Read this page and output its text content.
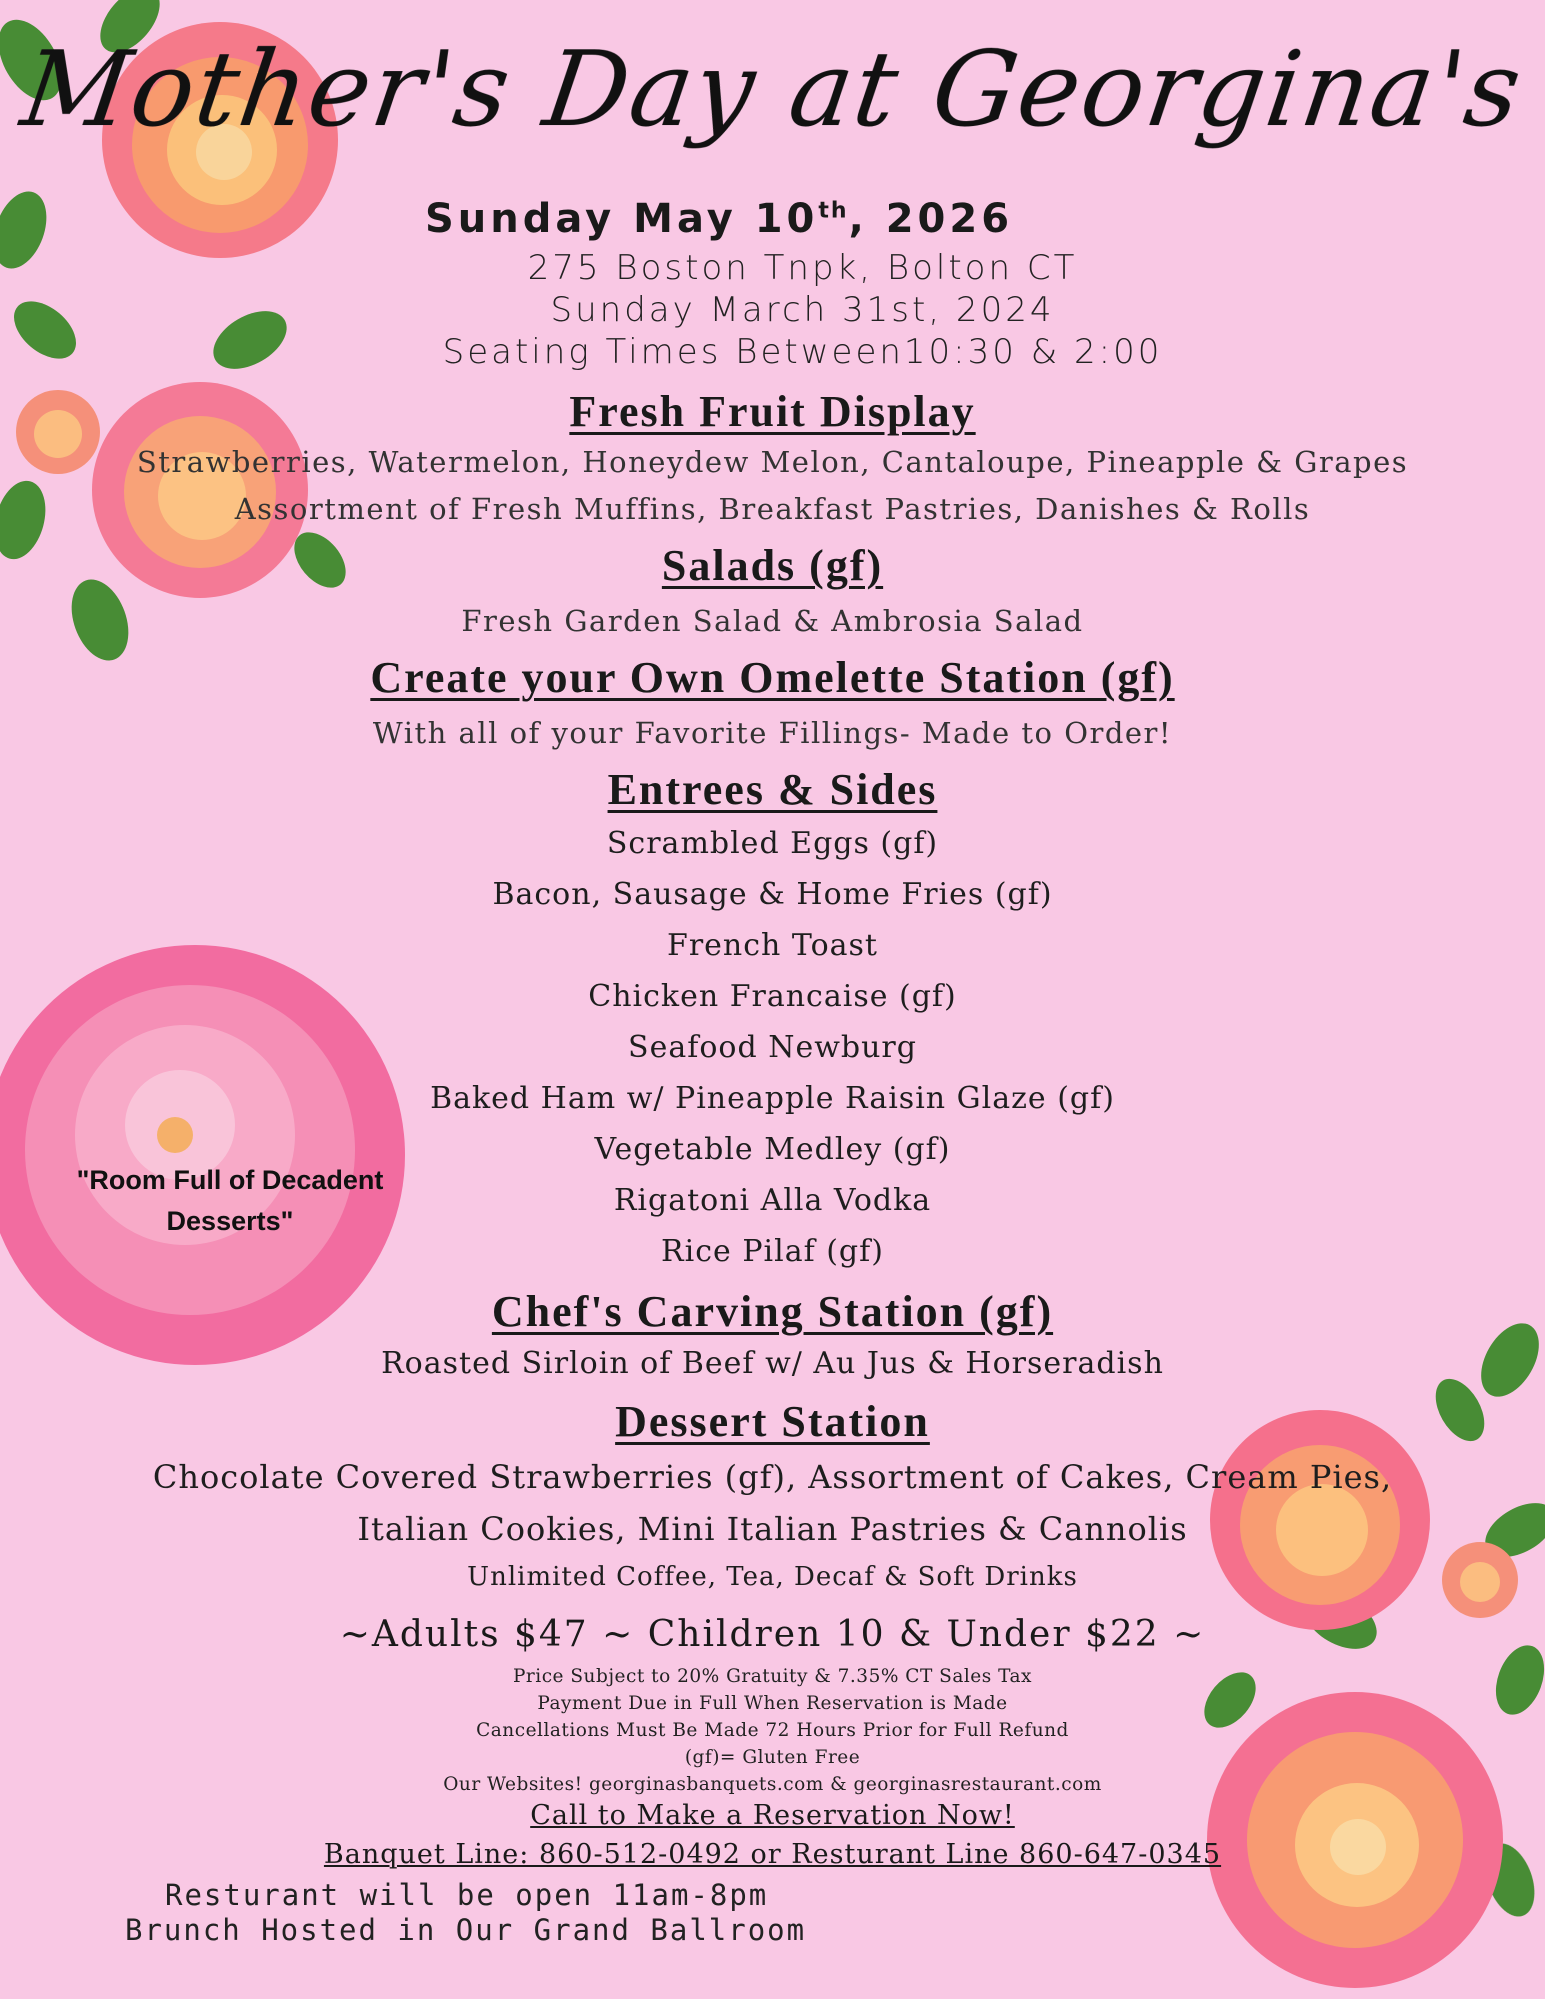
Mother's Day at Georgina's
Sunday May 10th, 2026
275 Boston Tnpk, Bolton CT
Sunday March 31st, 2024
Seating Times Between10:30 & 2:00
Fresh Fruit Display
Strawberries, Watermelon, Honeydew Melon, Cantaloupe, Pineapple & Grapes
Assortment of Fresh Muffins, Breakfast Pastries, Danishes & Rolls
Salads (gf)
Fresh Garden Salad & Ambrosia Salad
Create your Own Omelette Station (gf)
With all of your Favorite Fillings- Made to Order!
Entrees & Sides
Scrambled Eggs (gf)
Bacon, Sausage & Home Fries (gf)
French Toast
Chicken Francaise (gf)
Seafood Newburg
Baked Ham w/ Pineapple Raisin Glaze (gf)
Vegetable Medley (gf)
Rigatoni Alla Vodka
Rice Pilaf (gf)
"Room Full of Decadent
Desserts"
Chef's Carving Station (gf)
Roasted Sirloin of Beef w/ Au Jus & Horseradish
Dessert Station
Chocolate Covered Strawberries (gf), Assortment of Cakes, Cream Pies,
Italian Cookies, Mini Italian Pastries & Cannolis
Unlimited Coffee, Tea, Decaf & Soft Drinks
~Adults $47 ~ Children 10 & Under $22 ~
Price Subject to 20% Gratuity & 7.35% CT Sales Tax
Payment Due in Full When Reservation is Made
Cancellations Must Be Made 72 Hours Prior for Full Refund
(gf)= Gluten Free
Our Websites! georginasbanquets.com & georginasrestaurant.com
Call to Make a Reservation Now!
Banquet Line: 860-512-0492 or Resturant Line 860-647-0345
Resturant will be open 11am-8pm
Brunch Hosted in Our Grand Ballroom
